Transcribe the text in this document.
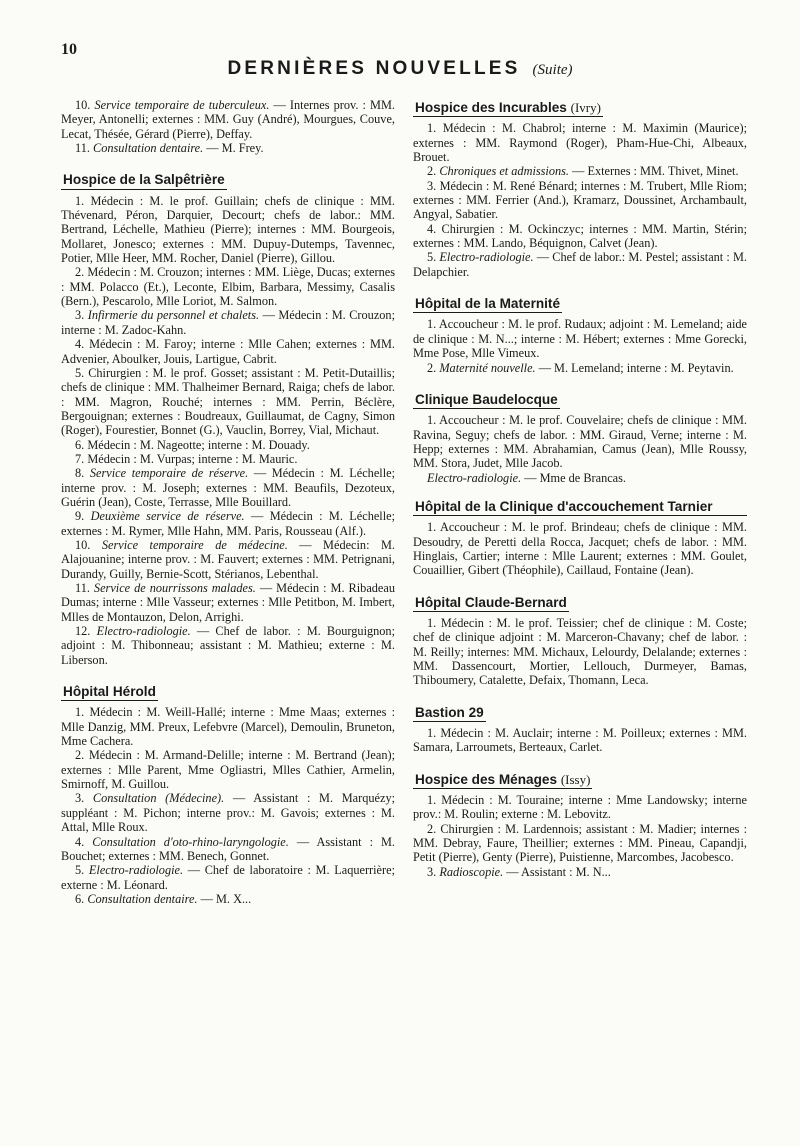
10
DERNIÈRES NOUVELLES (Suite)
10. Service temporaire de tuberculeux. — Internes prov. : MM. Meyer, Antonelli; externes : MM. Guy (André), Mourgues, Couve, Lecat, Thésée, Gérard (Pierre), Deffay.
11. Consultation dentaire. — M. Frey.
Hospice de la Salpêtrière
1. Médecin : M. le prof. Guillain; chefs de clinique : MM. Thévenard, Péron, Darquier, Decourt; chefs de labor.: MM. Bertrand, Léchelle, Mathieu (Pierre); internes : MM. Bourgeois, Mollaret, Jonesco; externes : MM. Dupuy-Dutemps, Tavennec, Potier, Mlle Heer, MM. Rocher, Daniel (Pierre), Gillou.
2. Médecin : M. Crouzon; internes : MM. Liège, Ducas; externes : MM. Polacco (Et.), Leconte, Elbim, Barbara, Messimy, Casalis (Bern.), Pescarolo, Mlle Loriot, M. Salmon.
3. Infirmerie du personnel et chalets. — Médecin : M. Crouzon; interne : M. Zadoc-Kahn.
4. Médecin : M. Faroy; interne : Mlle Cahen; externes : MM. Advenier, Aboulker, Jouis, Lartigue, Cabrit.
5. Chirurgien : M. le prof. Gosset; assistant : M. Petit-Dutaillis; chefs de clinique : MM. Thalheimer Bernard, Raiga; chefs de labor. : MM. Magron, Rouché; internes : MM. Perrin, Béclère, Bergouignan; externes : Boudreaux, Guillaumat, de Cagny, Simon (Roger), Fourestier, Bonnet (G.), Vauclin, Borrey, Vial, Michaut.
6. Médecin : M. Nageotte; interne : M. Douady.
7. Médecin : M. Vurpas; interne : M. Mauric.
8. Service temporaire de réserve. — Médecin : M. Léchelle; interne prov. : M. Joseph; externes : MM. Beaufils, Dezoteux, Guérin (Jean), Coste, Terrasse, Mlle Bouillard.
9. Deuxième service de réserve. — Médecin : M. Léchelle; externes : M. Rymer, Mlle Hahn, MM. Paris, Rousseau (Alf.).
10. Service temporaire de médecine. — Médecin: M. Alajouanine; interne prov. : M. Fauvert; externes : MM. Petrignani, Durandy, Guilly, Bernie-Scott, Stérianos, Lebenthal.
11. Service de nourrissons malades. — Médecin : M. Ribadeau Dumas; interne : Mlle Vasseur; externes : Mlle Petitbon, M. Imbert, Mlles de Montauzon, Delon, Arrighi.
12. Electro-radiologie. — Chef de labor. : M. Bourguignon; adjoint : M. Thibonneau; assistant : M. Mathieu; externe : M. Liberson.
Hôpital Hérold
1. Médecin : M. Weill-Hallé; interne : Mme Maas; externes : Mlle Danzig, MM. Preux, Lefebvre (Marcel), Demoulin, Bruneton, Mme Cachera.
2. Médecin : M. Armand-Delille; interne : M. Bertrand (Jean); externes : Mlle Parent, Mme Ogliastri, Mlles Cathier, Armelin, Smirnoff, M. Guillou.
3. Consultation (Médecine). — Assistant : M. Marquézy; suppléant : M. Pichon; interne prov.: M. Gavois; externes : M. Attal, Mlle Roux.
4. Consultation d'oto-rhino-laryngologie. — Assistant : M. Bouchet; externes : MM. Benech, Gonnet.
5. Electro-radiologie. — Chef de laboratoire : M. Laquerrière; externe : M. Léonard.
6. Consultation dentaire. — M. X...
Hospice des Incurables (Ivry)
1. Médecin : M. Chabrol; interne : M. Maximin (Maurice); externes : MM. Raymond (Roger), Pham-Hue-Chi, Albeaux, Brouet.
2. Chroniques et admissions. — Externes : MM. Thivet, Minet.
3. Médecin : M. René Bénard; internes : M. Trubert, Mlle Riom; externes : MM. Ferrier (And.), Kramarz, Doussinet, Archambault, Angyal, Sabatier.
4. Chirurgien : M. Ockinczyc; internes : MM. Martin, Stérin; externes : MM. Lando, Béquignon, Calvet (Jean).
5. Electro-radiologie. — Chef de labor.: M. Pestel; assistant : M. Delapchier.
Hôpital de la Maternité
1. Accoucheur : M. le prof. Rudaux; adjoint : M. Lemeland; aide de clinique : M. N...; interne : M. Hébert; externes : Mme Gorecki, Mme Pose, Mlle Vimeux.
2. Maternité nouvelle. — M. Lemeland; interne : M. Peytavin.
Clinique Baudelocque
1. Accoucheur : M. le prof. Couvelaire; chefs de clinique : MM. Ravina, Seguy; chefs de labor. : MM. Giraud, Verne; interne : M. Hepp; externes : MM. Abrahamian, Camus (Jean), Mlle Roussy, MM. Stora, Judet, Mlle Jacob.
Electro-radiologie. — Mme de Brancas.
Hôpital de la Clinique d'accouchement Tarnier
1. Accoucheur : M. le prof. Brindeau; chefs de clinique : MM. Desoudry, de Peretti della Rocca, Jacquet; chefs de labor. : MM. Hinglais, Cartier; interne : Mlle Laurent; externes : MM. Goulet, Couaillier, Gibert (Théophile), Caillaud, Fontaine (Jean).
Hôpital Claude-Bernard
1. Médecin : M. le prof. Teissier; chef de clinique : M. Coste; chef de clinique adjoint : M. Marceron-Chavany; chef de labor. : M. Reilly; internes: MM. Michaux, Lelourdy, Delalande; externes : MM. Dassencourt, Mortier, Lellouch, Durmeyer, Bamas, Thiboumery, Catalette, Defaix, Thomann, Leca.
Bastion 29
1. Médecin : M. Auclair; interne : M. Poilleux; externes : MM. Samara, Larroumets, Berteaux, Carlet.
Hospice des Ménages (Issy)
1. Médecin : M. Touraine; interne : Mme Landowsky; interne prov.: M. Roulin; externe : M. Lebovitz.
2. Chirurgien : M. Lardennois; assistant : M. Madier; internes : MM. Debray, Faure, Theillier; externes : MM. Pineau, Capandji, Petit (Pierre), Genty (Pierre), Puistienne, Marcombes, Jacobesco.
3. Radioscopie. — Assistant : M. N...
